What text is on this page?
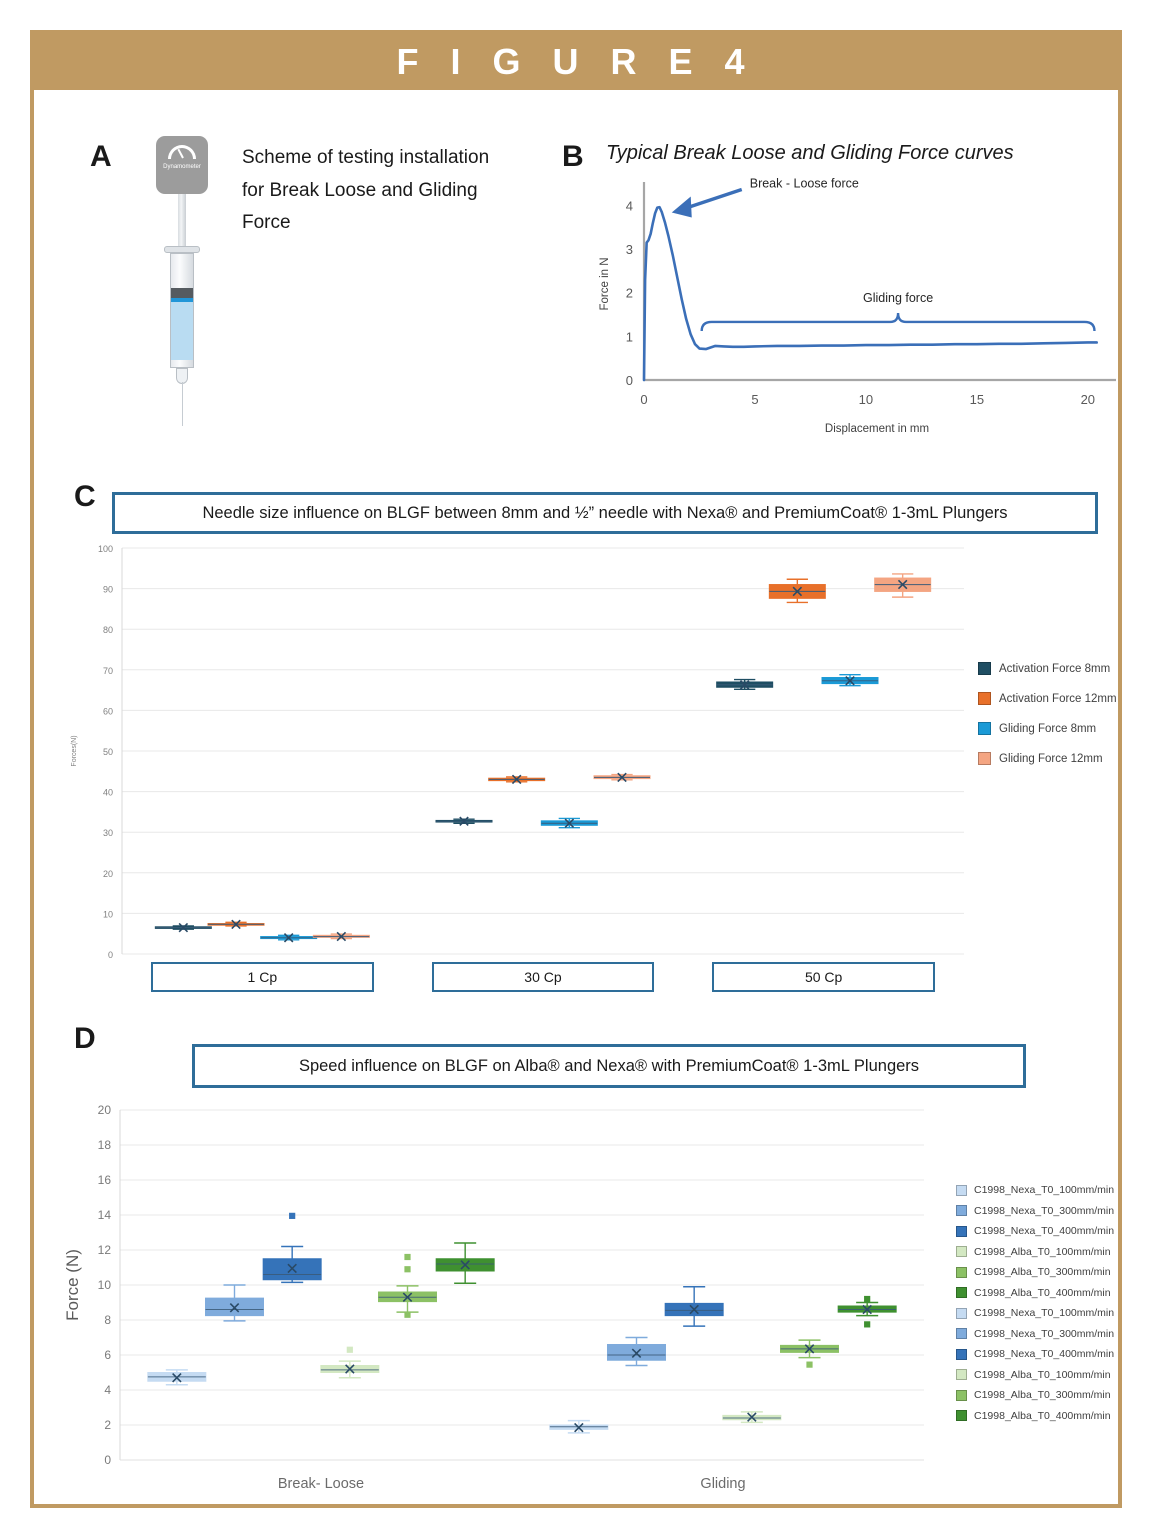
F I G U R E 4
A	Dynamometer	Scheme of testing installation for Break Loose and Gliding Force
B Typical Break Loose and Gliding Force curves
0
1
2
3
4
0	5	10	15	20
Force in N
Displacement in mm
Gliding force
Break - Loose force
C	Needle size influence on BLGF between 8mm and ½” needle with Nexa® and PremiumCoat® 1-3mL Plungers
0
10
20
30
40
50
60
70
80
90
100
Forces(N)
1 Cp	30 Cp	50 Cp
Activation Force 8mm
Activation Force 12mm
Gliding Force 8mm
Gliding Force 12mm
D
Speed influence on BLGF on Alba® and Nexa® with PremiumCoat® 1-3mL Plungers
0
2
4
6
8
10
12
14
16
18
20
Break- Loose	Gliding
Force (N)
C1998_Nexa_T0_100mm/min
C1998_Nexa_T0_300mm/min
C1998_Nexa_T0_400mm/min
C1998_Alba_T0_100mm/min
C1998_Alba_T0_300mm/min
C1998_Alba_T0_400mm/min
C1998_Nexa_T0_100mm/min
C1998_Nexa_T0_300mm/min
C1998_Nexa_T0_400mm/min
C1998_Alba_T0_100mm/min
C1998_Alba_T0_300mm/min
C1998_Alba_T0_400mm/min
